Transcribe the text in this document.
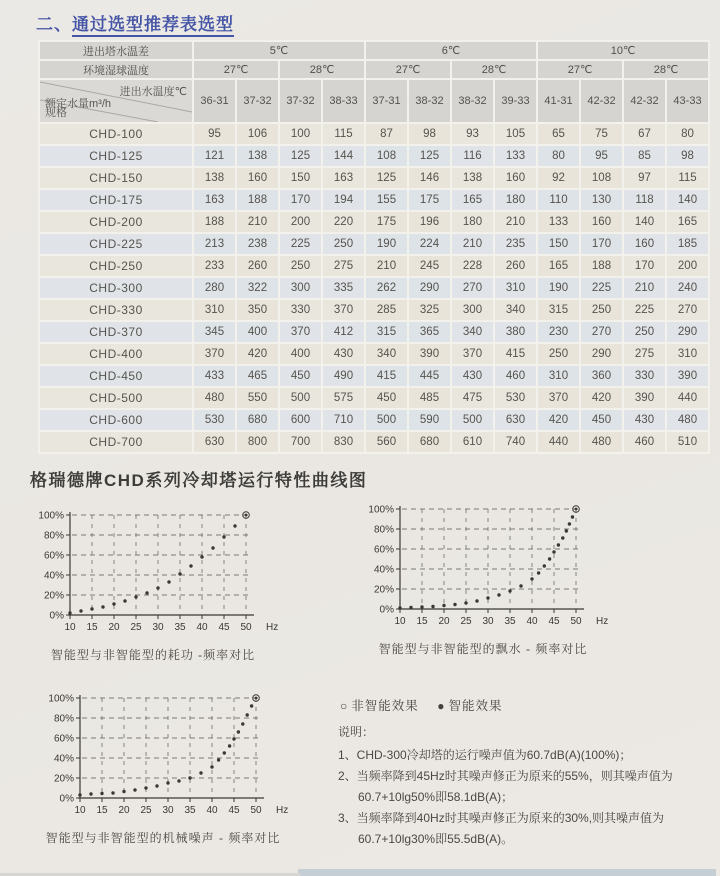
二、通过选型推荐表选型
进出塔水温差	5℃				6℃				10℃			
环境湿球温度	27℃		28℃		27℃		28℃		27℃		28℃	

进出水温度℃
额定水量m³/h
规格	36-31	37-32	37-32	38-33	37-31	38-32	38-32	39-33	41-31	42-32	42-32	43-33
CHD-100	95	106	100	115	87	98	93	105	65	75	67	80
CHD-125	121	138	125	144	108	125	116	133	80	95	85	98
CHD-150	138	160	150	163	125	146	138	160	92	108	97	115
CHD-175	163	188	170	194	155	175	165	180	110	130	118	140
CHD-200	188	210	200	220	175	196	180	210	133	160	140	165
CHD-225	213	238	225	250	190	224	210	235	150	170	160	185
CHD-250	233	260	250	275	210	245	228	260	165	188	170	200
CHD-300	280	322	300	335	262	290	270	310	190	225	210	240
CHD-330	310	350	330	370	285	325	300	340	315	250	225	270
CHD-370	345	400	370	412	315	365	340	380	230	270	250	290
CHD-400	370	420	400	430	340	390	370	415	250	290	275	310
CHD-450	433	465	450	490	415	445	430	460	310	360	330	390
CHD-500	480	550	500	575	450	485	475	530	370	420	390	440
CHD-600	530	680	600	710	500	590	500	630	420	450	430	480
CHD-700	630	800	700	830	560	680	610	740	440	480	460	510
格瑞德牌CHD系列冷却塔运行特性曲线图
0%
20%
40%
60%
80%
100%
10 15 20 25 30 35 40 45 50 Hz
智能型与非智能型的耗功 -频率对比
0%
20%
40%
60%
80%
100%
10 15 20 25 30 35 40 45 50 Hz
智能型与非智能型的飘水 - 频率对比
0%
20%
40%
60%
80%
100%
10 15 20 25 30 35 40 45 50 Hz
智能型与非智能型的机械噪声 - 频率对比
○ 非智能效果 ● 智能效果

说明：

1、CHD-300冷却塔的运行噪声值为60.7dB(A)(100%)；

2、当频率降到45Hz时其噪声修正为原来的55%，则其噪声值为60.7+10lg50%即58.1dB(A)；

3、当频率降到40Hz时其噪声修正为原来的30%,则其噪声值为60.7+10lg30%即55.5dB(A)。
